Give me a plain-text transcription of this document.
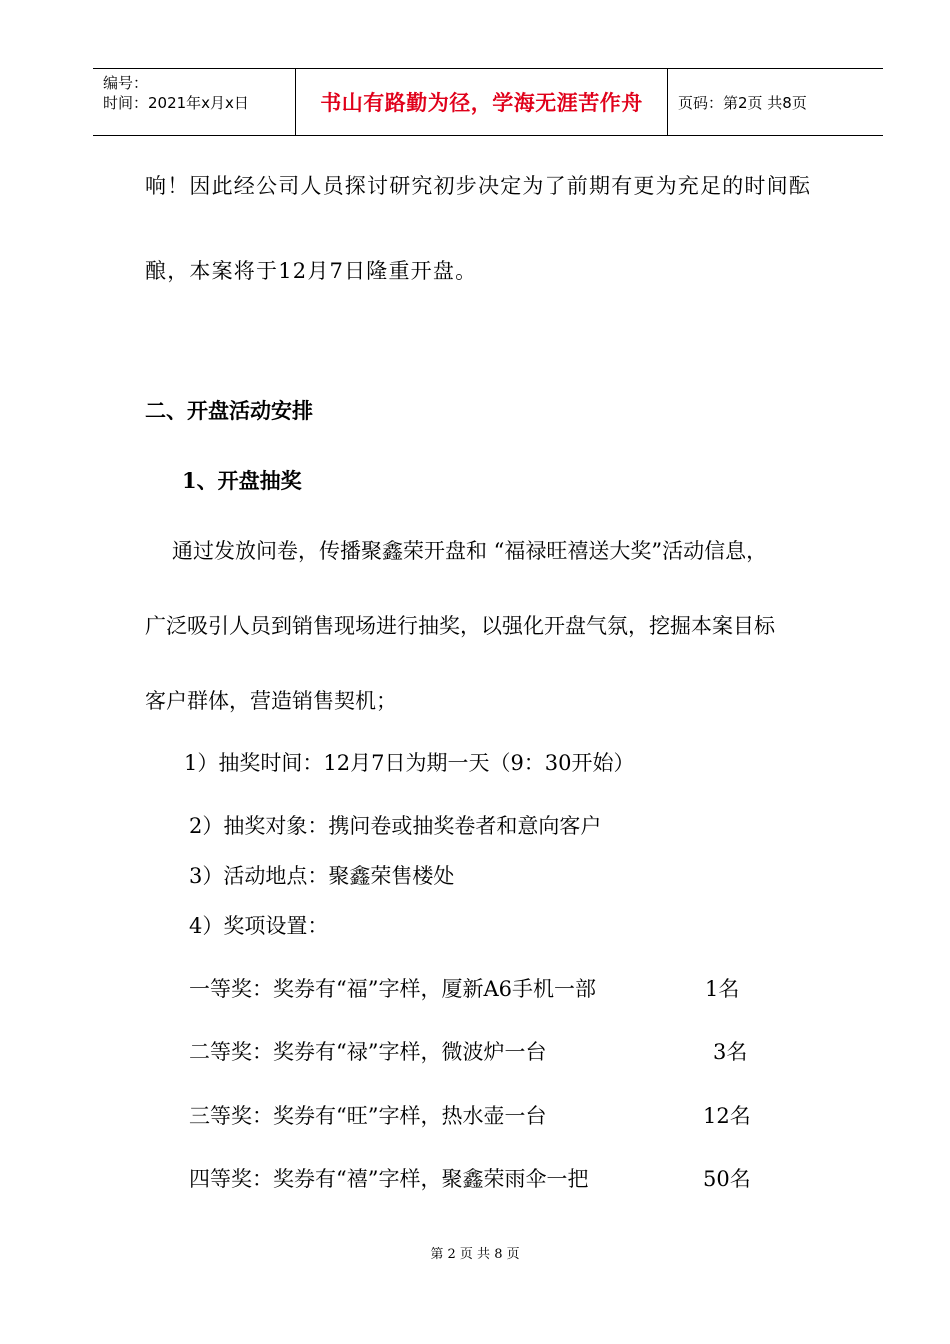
编号：
时间：2021年x月x日	书山有路勤为径，学海无涯苦作舟 页码：第2页 共8页
响！因此经公司人员探讨研究初步决定为了前期有更为充足的时间酝
酿，本案将于12月7日隆重开盘。
二、开盘活动安排
1、开盘抽奖
通过发放问卷，传播聚鑫荣开盘和 “福禄旺禧送大奖”活动信息，
广泛吸引人员到销售现场进行抽奖，以强化开盘气氛，挖掘本案目标
客户群体，营造销售契机；
1）抽奖时间：12月7日为期一天（9：30开始）
2）抽奖对象：携问卷或抽奖卷者和意向客户
3）活动地点：聚鑫荣售楼处
4）奖项设置：
一等奖：奖券有“福”字样，厦新A6手机一部	1名
二等奖：奖券有“禄”字样，微波炉一台	3名
三等奖：奖券有“旺”字样，热水壶一台	12名
四等奖：奖券有“禧”字样，聚鑫荣雨伞一把	50名
第 2 页 共 8 页
